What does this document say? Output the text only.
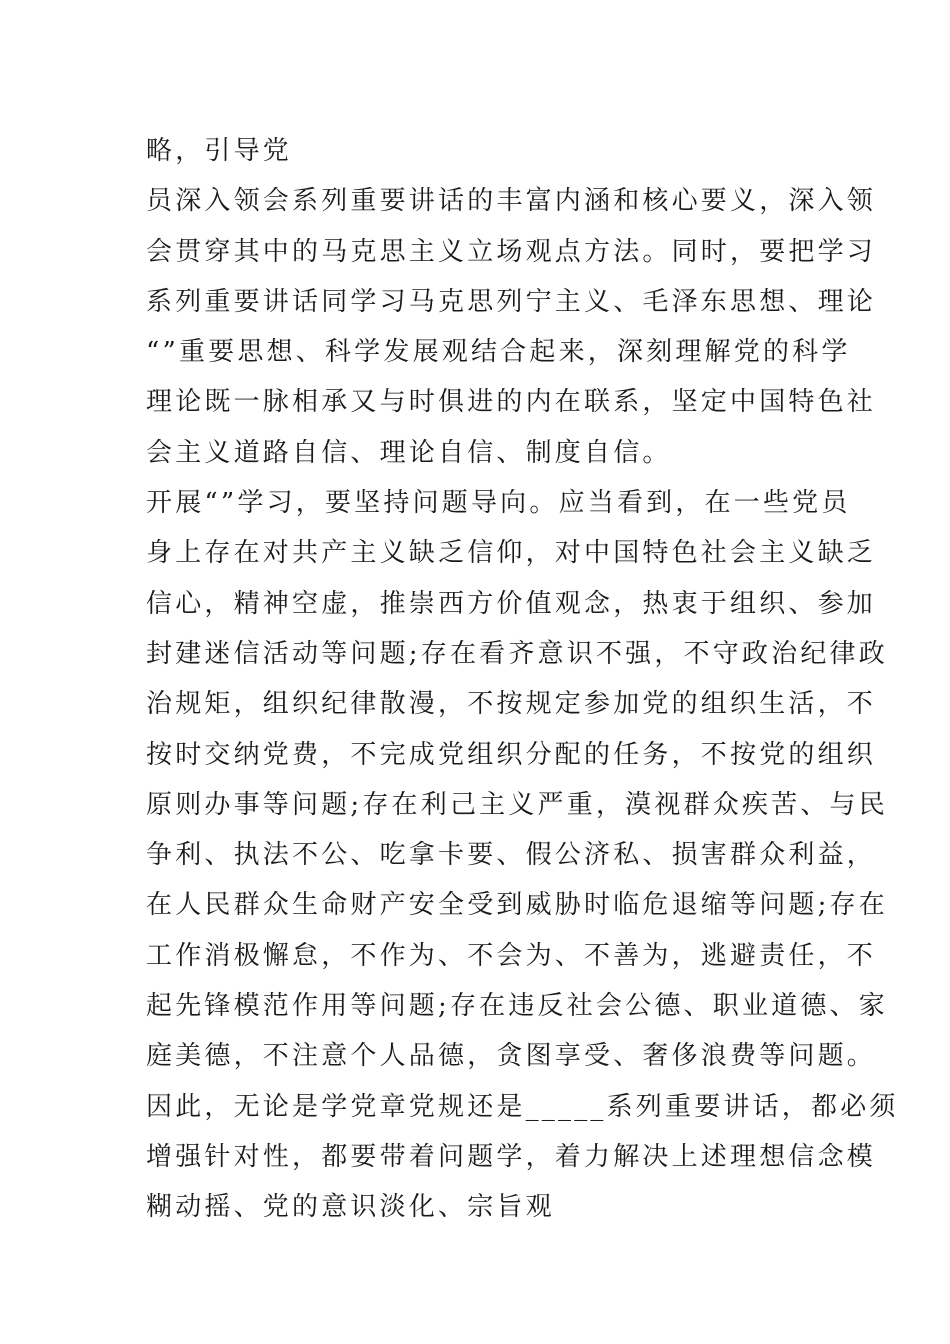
略，引导党
员深入领会系列重要讲话的丰富内涵和核心要义，深入领
会贯穿其中的马克思主义立场观点方法。同时，要把学习
系列重要讲话同学习马克思列宁主义、毛泽东思想、理论
“”重要思想、科学发展观结合起来，深刻理解党的科学
理论既一脉相承又与时俱进的内在联系，坚定中国特色社
会主义道路自信、理论自信、制度自信。
开展“”学习，要坚持问题导向。应当看到，在一些党员
身上存在对共产主义缺乏信仰，对中国特色社会主义缺乏
信心，精神空虚，推崇西方价值观念，热衷于组织、参加
封建迷信活动等问题;存在看齐意识不强，不守政治纪律政
治规矩，组织纪律散漫，不按规定参加党的组织生活，不
按时交纳党费，不完成党组织分配的任务，不按党的组织
原则办事等问题;存在利己主义严重，漠视群众疾苦、与民
争利、执法不公、吃拿卡要、假公济私、损害群众利益，
在人民群众生命财产安全受到威胁时临危退缩等问题;存在
工作消极懈怠，不作为、不会为、不善为，逃避责任，不
起先锋模范作用等问题;存在违反社会公德、职业道德、家
庭美德，不注意个人品德，贪图享受、奢侈浪费等问题。
因此，无论是学党章党规还是_____系列重要讲话，都必须
增强针对性，都要带着问题学，着力解决上述理想信念模
糊动摇、党的意识淡化、宗旨观
